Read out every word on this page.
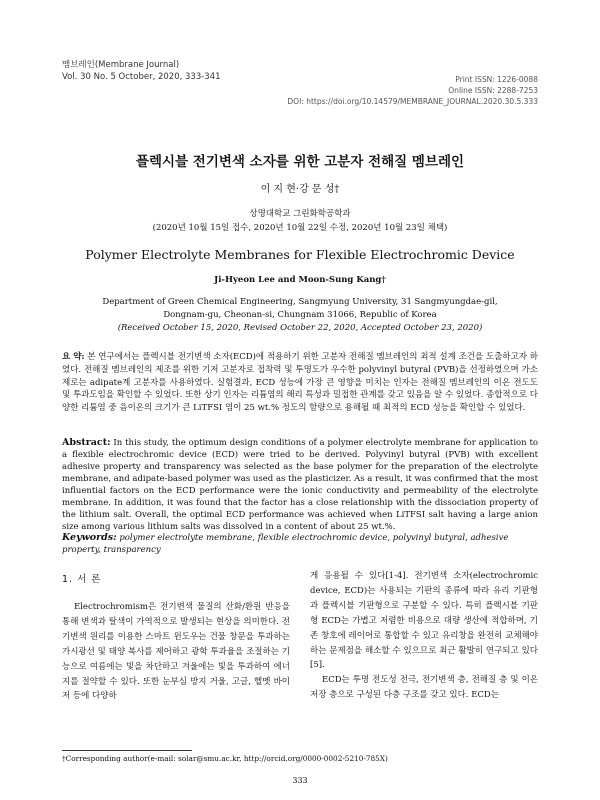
멤브레인(Membrane Journal)
Vol. 30 No. 5 October, 2020, 333-341	Print ISSN: 1226-0088
Online ISSN: 2288-7253
DOI: https://doi.org/10.14579/MEMBRANE_JOURNAL.2020.30.5.333
플렉시블 전기변색 소자를 위한 고분자 전해질 멤브레인
이 지 현·강 문 성†
상명대학교 그린화학공학과
(2020년 10월 15일 접수, 2020년 10월 22일 수정, 2020년 10월 23일 채택)
Polymer Electrolyte Membranes for Flexible Electrochromic Device
Ji-Hyeon Lee and Moon-Sung Kang†
Department of Green Chemical Engineering, Sangmyung University, 31 Sangmyungdae-gil, Dongnam-gu, Cheonan-si, Chungnam 31066, Republic of Korea
(Received October 15, 2020, Revised October 22, 2020, Accepted October 23, 2020)
요 약: 본 연구에서는 플렉시블 전기변색 소자(ECD)에 적용하기 위한 고분자 전해질 멤브레인의 최적 설계 조건을 도출하고자 하였다. 전해질 멤브레인의 제조를 위한 기저 고분자로 접착력 및 투명도가 우수한 polyvinyl butyral (PVB)을 선정하였으며 가소제로는 adipate계 고분자를 사용하였다. 실험결과, ECD 성능에 가장 큰 영향을 미치는 인자는 전해질 멤브레인의 이온 전도도 및 투과도임을 확인할 수 있었다. 또한 상기 인자는 리튬염의 해리 특성과 밀접한 관계를 갖고 있음을 알 수 있었다. 종합적으로 다양한 리튬염 중 음이온의 크기가 큰 LiTFSI 염이 25 wt.% 정도의 함량으로 용해될 때 최적의 ECD 성능을 확인할 수 있었다.
Abstract: In this study, the optimum design conditions of a polymer electrolyte membrane for application to a flexible electrochromic device (ECD) were tried to be derived. Polyvinyl butyral (PVB) with excellent adhesive property and transparency was selected as the base polymer for the preparation of the electrolyte membrane, and adipate-based polymer was used as the plasticizer. As a result, it was confirmed that the most influential factors on the ECD performance were the ionic conductivity and permeability of the electrolyte membrane. In addition, it was found that the factor has a close relationship with the dissociation property of the lithium salt. Overall, the optimal ECD performance was achieved when LiTFSI salt having a large anion size among various lithium salts was dissolved in a content of about 25 wt.%.
Keywords: polymer electrolyte membrane, flexible electrochromic device, polyvinyl butyral, adhesive property, transparency
1. 서 론

Electrochromism은 전기변색 물질의 산화/환원 반응을 통해 변색과 탈색이 가역적으로 발생되는 현상을 의미한다. 전기변색 원리를 이용한 스마트 윈도우는 건물 창문을 투과하는 가시광선 및 태양 복사를 제어하고 광학 투과율을 조절하는 기능으로 여름에는 빛을 차단하고 겨울에는 빛을 투과하여 에너지를 절약할 수 있다. 또한 눈부심 방지 거울, 고글, 헬멧 바이저 등에 다양하

게 응용될 수 있다[1-4]. 전기변색 소자(electrochromic device, ECD)는 사용되는 기판의 종류에 따라 유리 기판형과 플렉시블 기판형으로 구분할 수 있다. 특히 플렉시블 기판형 ECD는 가볍고 저렴한 비용으로 대량 생산에 적합하며, 기존 창호에 레이어로 통합할 수 있고 유리창을 완전히 교체해야 하는 문제점을 해소할 수 있으므로 최근 활발히 연구되고 있다[5].

ECD는 투명 전도성 전극, 전기변색 층, 전해질 층 및 이온저장 층으로 구성된 다층 구조를 갖고 있다. ECD는

†Corresponding author(e-mail: solar@smu.ac.kr, http://orcid.org/0000-0002-5210-785X)
333
